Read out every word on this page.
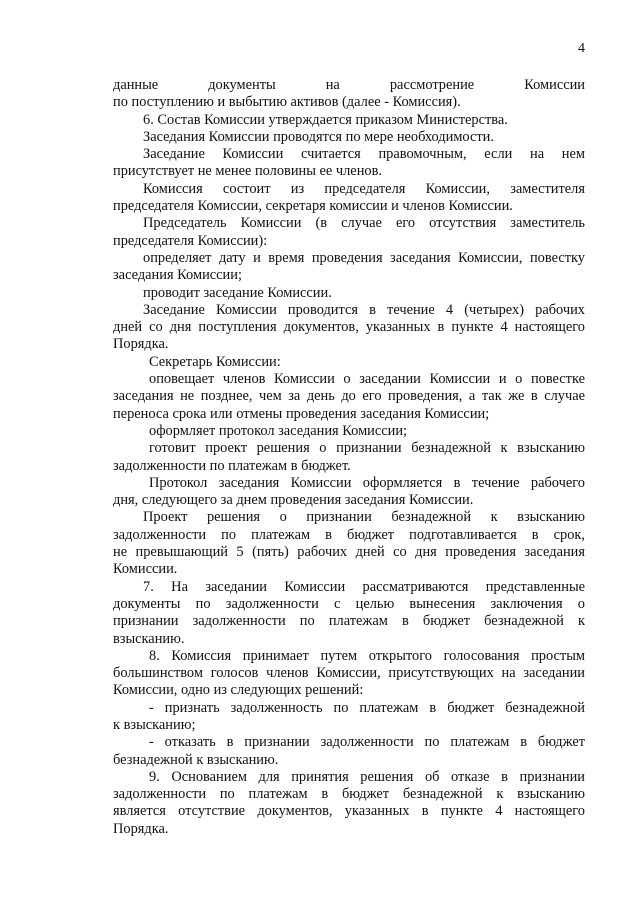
4
данные документы на рассмотрение Комиссии
по поступлению и выбытию активов (далее - Комиссия).
6. Состав Комиссии утверждается приказом Министерства.
Заседания Комиссии проводятся по мере необходимости.
Заседание Комиссии считается правомочным, если на нем
присутствует не менее половины ее членов.
Комиссия состоит из председателя Комиссии, заместителя
председателя Комиссии, секретаря комиссии и членов Комиссии.
Председатель Комиссии (в случае его отсутствия заместитель
председателя Комиссии):
определяет дату и время проведения заседания Комиссии, повестку
заседания Комиссии;
проводит заседание Комиссии.
Заседание Комиссии проводится в течение 4 (четырех) рабочих
дней со дня поступления документов, указанных в пункте 4 настоящего
Порядка.
Секретарь Комиссии:
оповещает членов Комиссии о заседании Комиссии и о повестке
заседания не позднее, чем за день до его проведения, а так же в случае
переноса срока или отмены проведения заседания Комиссии;
оформляет протокол заседания Комиссии;
готовит проект решения о признании безнадежной к взысканию
задолженности по платежам в бюджет.
Протокол заседания Комиссии оформляется в течение рабочего
дня, следующего за днем проведения заседания Комиссии.
Проект решения о признании безнадежной к взысканию
задолженности по платежам в бюджет подготавливается в срок,
не превышающий 5 (пять) рабочих дней со дня проведения заседания
Комиссии.
7. На заседании Комиссии рассматриваются представленные
документы по задолженности с целью вынесения заключения о
признании задолженности по платежам в бюджет безнадежной к
взысканию.
8. Комиссия принимает путем открытого голосования простым
большинством голосов членов Комиссии, присутствующих на заседании
Комиссии, одно из следующих решений:
- признать задолженность по платежам в бюджет безнадежной
к взысканию;
- отказать в признании задолженности по платежам в бюджет
безнадежной к взысканию.
9. Основанием для принятия решения об отказе в признании
задолженности по платежам в бюджет безнадежной к взысканию
является отсутствие документов, указанных в пункте 4 настоящего
Порядка.
